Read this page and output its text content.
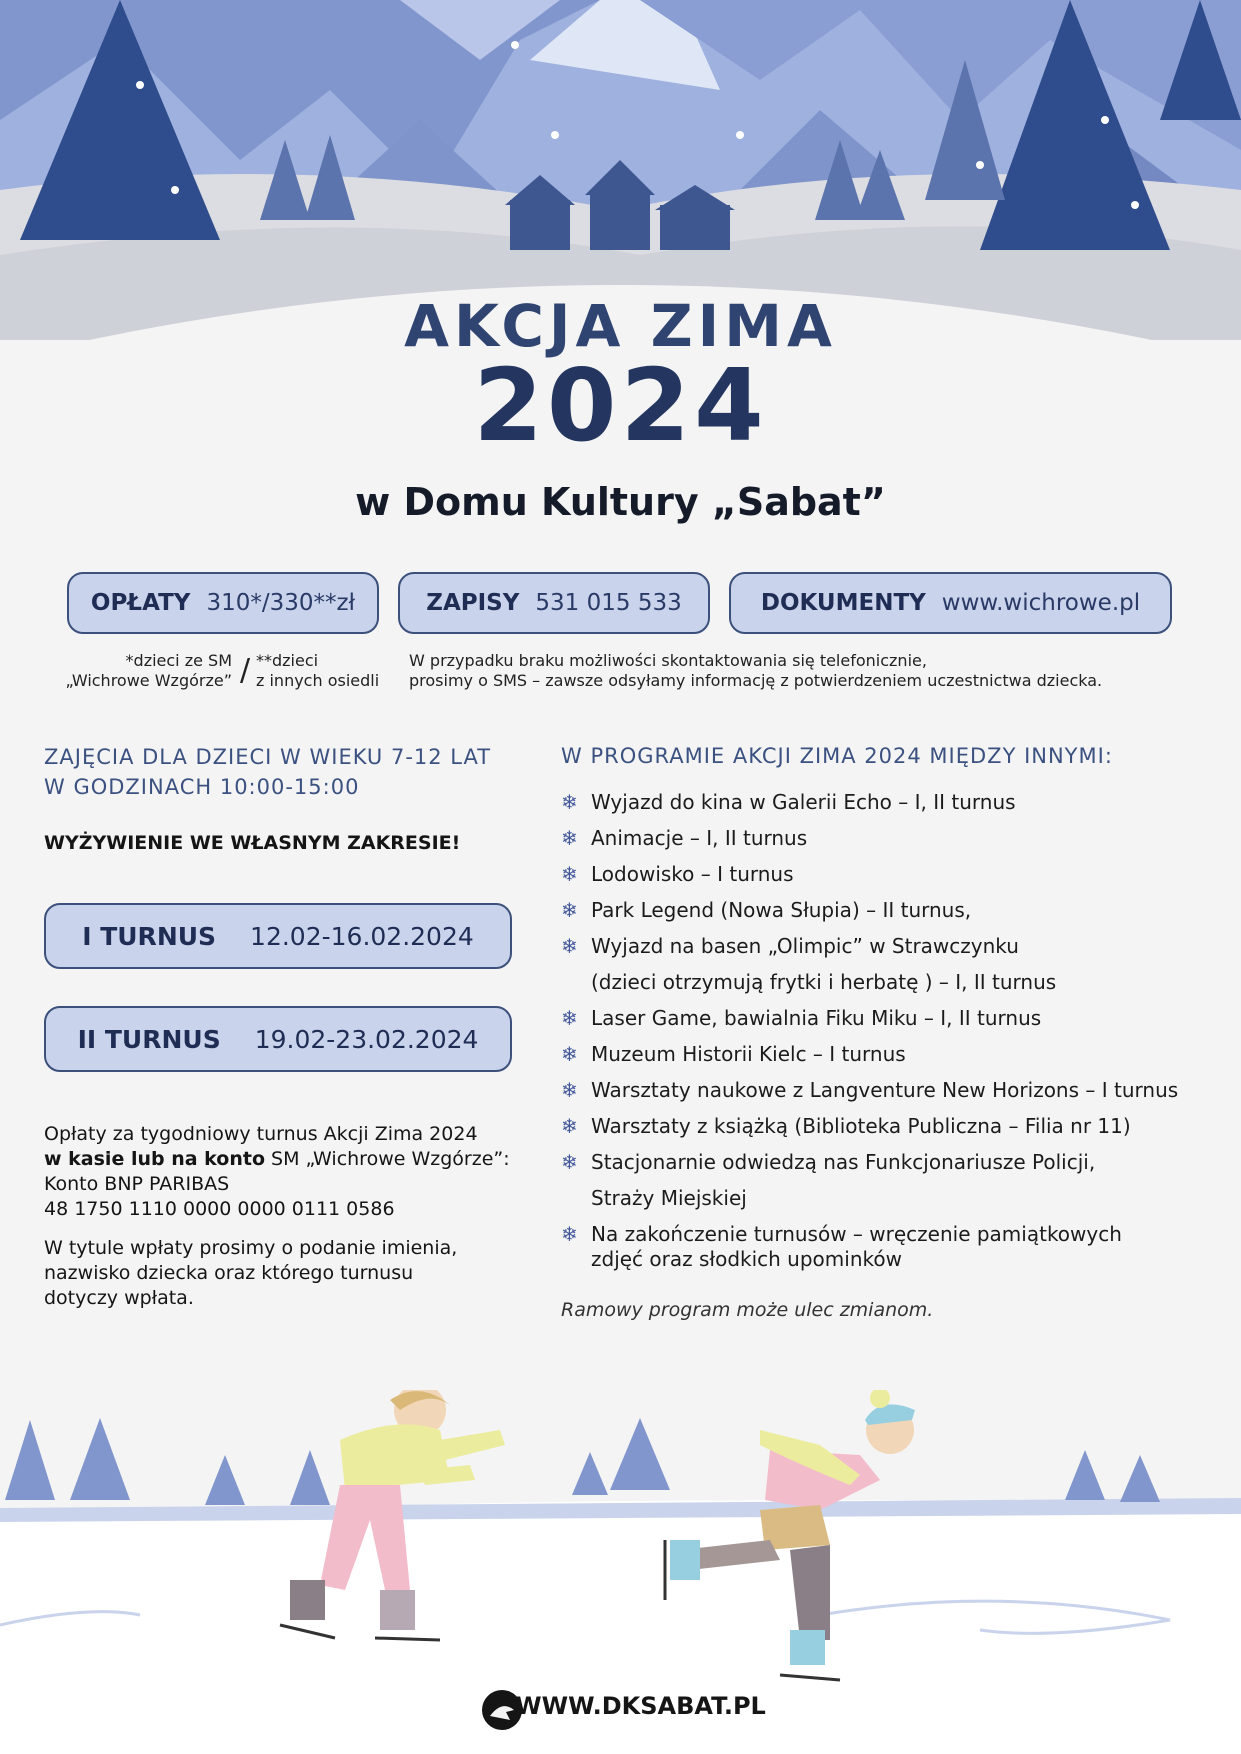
AKCJA ZIMA
2024
w Domu Kultury „Sabat”
OPŁATY 310*/330**zł	ZAPISY 531 015 533	DOKUMENTY www.wichrowe.pl
*dzieci ze SM
„Wichrowe Wzgórze” / **dzieci
z innych osiedli
W przypadku braku możliwości skontaktowania się telefonicznie,
prosimy o SMS – zawsze odsyłamy informację z potwierdzeniem uczestnictwa dziecka.
ZAJĘCIA DLA DZIECI W WIEKU 7-12 LAT
W GODZINACH 10:00-15:00
WYŻYWIENIE WE WŁASNYM ZAKRESIE!
I TURNUS 12.02-16.02.2024
II TURNUS 19.02-23.02.2024
Opłaty za tygodniowy turnus Akcji Zima 2024
w kasie lub na konto SM „Wichrowe Wzgórze”:
Konto BNP PARIBAS
48 1750 1110 0000 0000 0111 0586
W tytule wpłaty prosimy o podanie imienia,
nazwisko dziecka oraz którego turnusu
dotyczy wpłata.
W PROGRAMIE AKCJI ZIMA 2024 MIĘDZY INNYMI:
❄ Wyjazd do kina w Galerii Echo – I, II turnus
❄ Animacje – I, II turnus
❄ Lodowisko – I turnus
❄ Park Legend (Nowa Słupia) – II turnus,
❄ Wyjazd na basen „Olimpic” w Strawczynku
(dzieci otrzymują frytki i herbatę ) – I, II turnus
❄ Laser Game, bawialnia Fiku Miku – I, II turnus
❄ Muzeum Historii Kielc – I turnus
❄ Warsztaty naukowe z Langventure New Horizons – I turnus
❄ Warsztaty z książką (Biblioteka Publiczna – Filia nr 11)
❄ Stacjonarnie odwiedzą nas Funkcjonariusze Policji,
Straży Miejskiej
❄ Na zakończenie turnusów – wręczenie pamiątkowych
zdjęć oraz słodkich upominków
Ramowy program może ulec zmianom.
WWW.DKSABAT.PL
